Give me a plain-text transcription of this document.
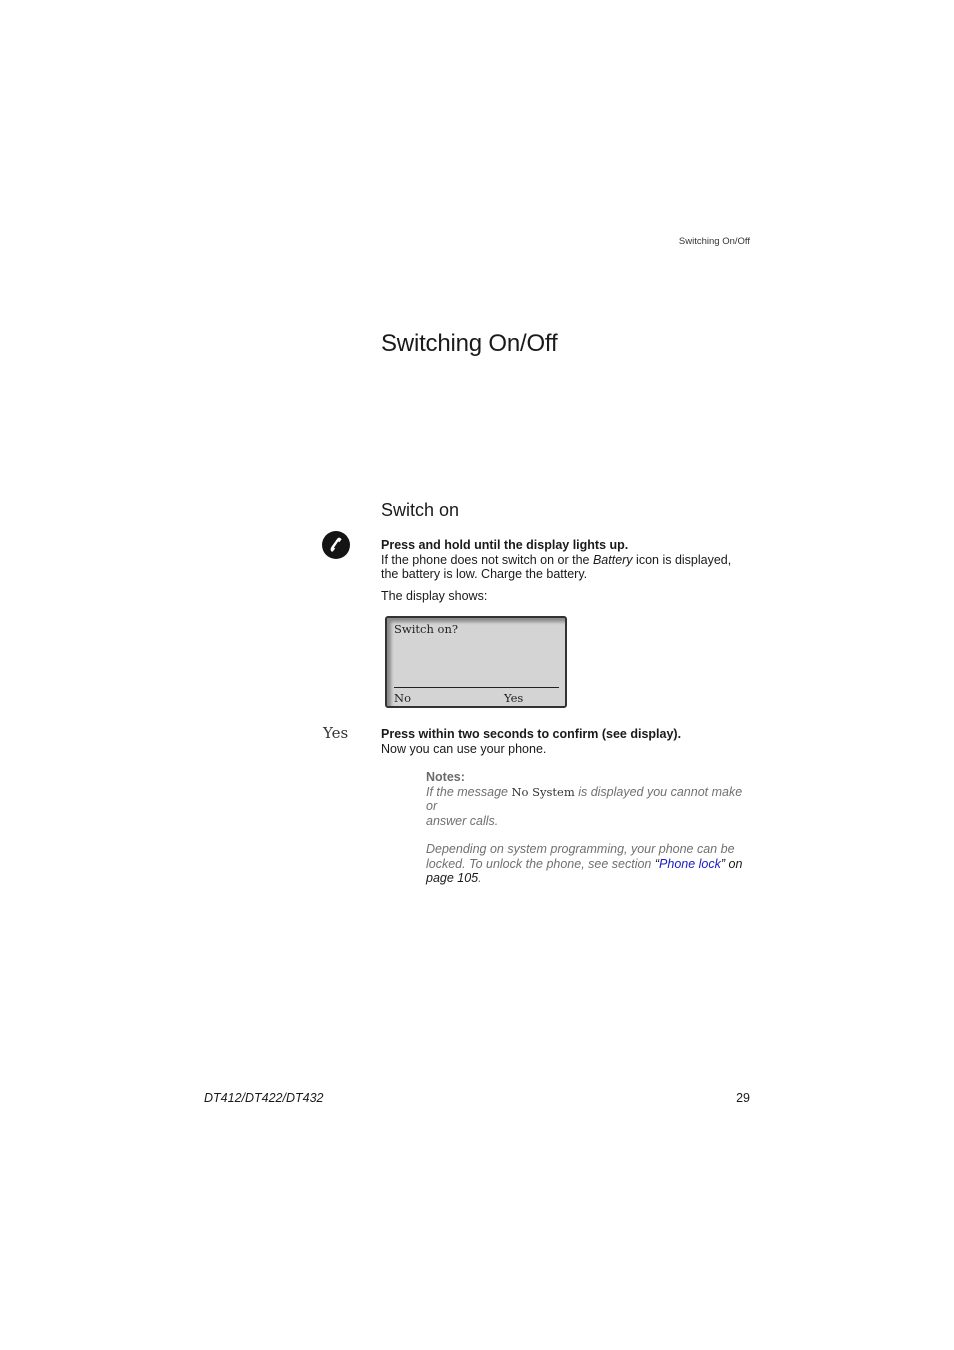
Switching On/Off
Switching On/Off
Switch on
Press and hold until the display lights up.
If the phone does not switch on or the Battery icon is displayed,
the battery is low. Charge the battery.
The display shows:
Switch on?
No	Yes
Yes	Press within two seconds to confirm (see display).
Now you can use your phone.
Notes:
If the message No System is displayed you cannot make or
answer calls.
Depending on system programming, your phone can be
locked. To unlock the phone, see section “Phone lock” on
page 105.
DT412/DT422/DT432	29
